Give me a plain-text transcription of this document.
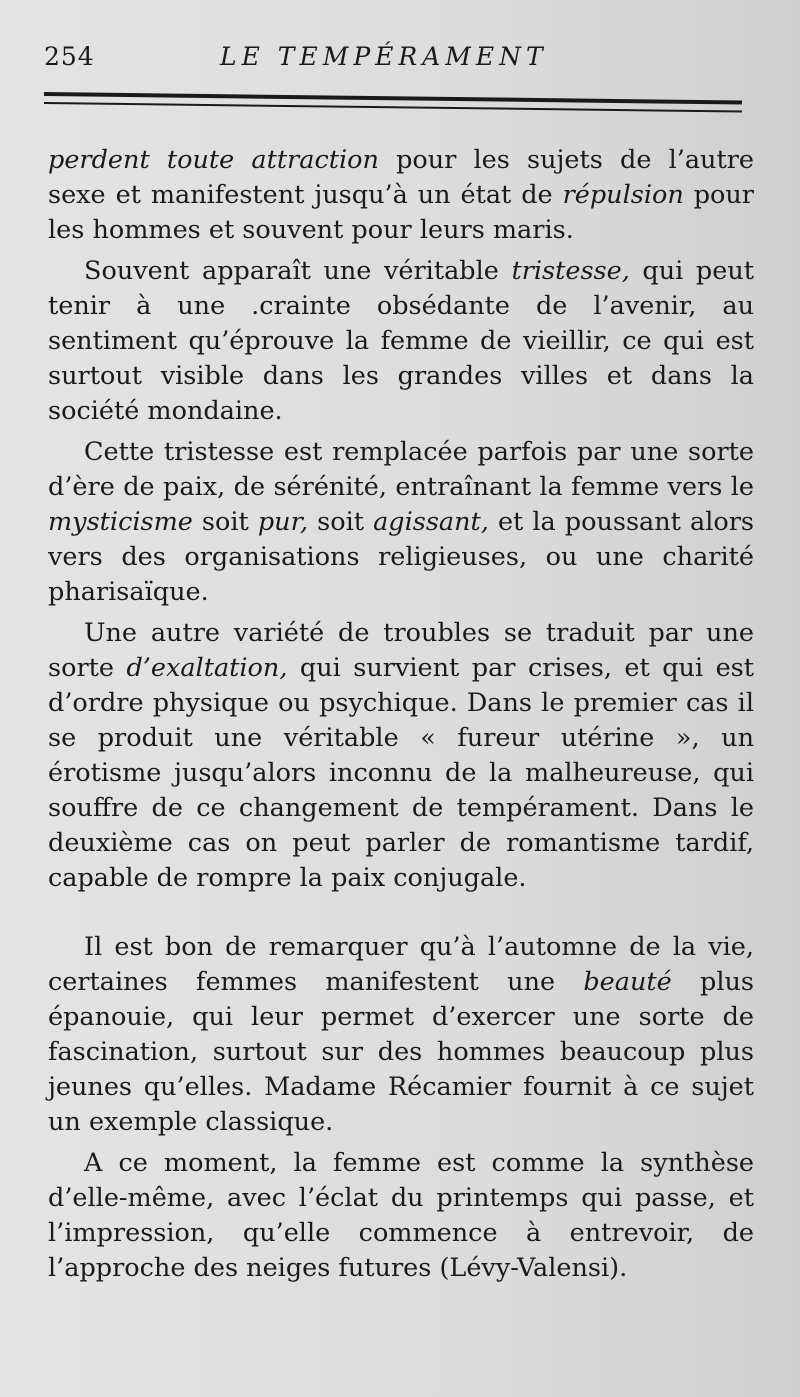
254	LE TEMPÉRAMENT

perdent toute attraction pour les sujets de l’autre sexe et manifestent jusqu’à un état de répulsion pour les hommes et souvent pour leurs maris.

Souvent apparaît une véritable tristesse, qui peut tenir à une .crainte obsédante de l’avenir, au sentiment qu’éprouve la femme de vieillir, ce qui est surtout visible dans les grandes villes et dans la société mondaine.

Cette tristesse est remplacée parfois par une sorte d’ère de paix, de sérénité, entraînant la femme vers le mysticisme soit pur, soit agissant, et la poussant alors vers des organisations religieuses, ou une charité pharisaïque.

Une autre variété de troubles se traduit par une sorte d’exaltation, qui survient par crises, et qui est d’ordre physique ou psychique. Dans le premier cas il se produit une véritable « fureur utérine », un érotisme jusqu’alors inconnu de la malheureuse, qui souffre de ce changement de tempérament. Dans le deuxième cas on peut parler de romantisme tardif, capable de rompre la paix conjugale.

Il est bon de remarquer qu’à l’automne de la vie, certaines femmes manifestent une beauté plus épanouie, qui leur permet d’exercer une sorte de fascination, surtout sur des hommes beaucoup plus jeunes qu’elles. Madame Récamier fournit à ce sujet un exemple classique.

A ce moment, la femme est comme la synthèse d’elle-même, avec l’éclat du printemps qui passe, et l’impression, qu’elle commence à entrevoir, de l’approche des neiges futures (Lévy-Valensi).
